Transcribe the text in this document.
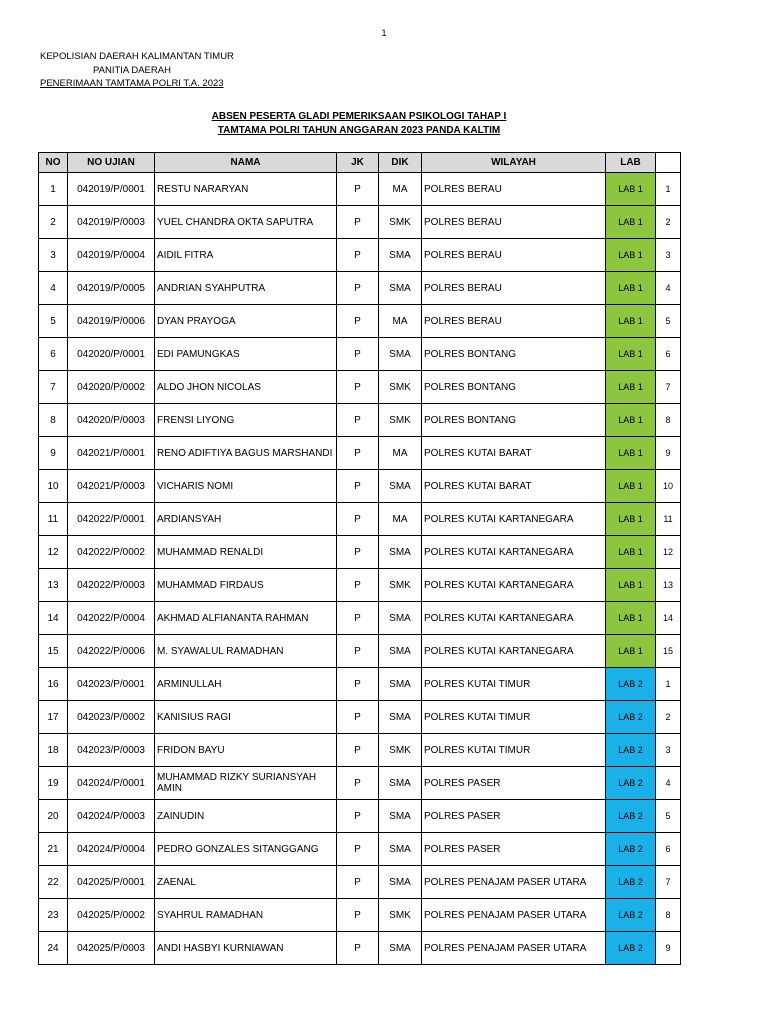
1
KEPOLISIAN DAERAH KALIMANTAN TIMUR
PANITIA DAERAH
PENERIMAAN TAMTAMA POLRI T.A. 2023
ABSEN PESERTA GLADI PEMERIKSAAN PSIKOLOGI TAHAP I
TAMTAMA POLRI TAHUN ANGGARAN 2023 PANDA KALTIM
NO	NO UJIAN	NAMA	JK	DIK	WILAYAH	LAB	
1	042019/P/0001	RESTU NARARYAN	P	MA	POLRES BERAU	LAB 1	1
2	042019/P/0003	YUEL CHANDRA OKTA SAPUTRA	P	SMK	POLRES BERAU	LAB 1	2
3	042019/P/0004	AIDIL FITRA	P	SMA	POLRES BERAU	LAB 1	3
4	042019/P/0005	ANDRIAN SYAHPUTRA	P	SMA	POLRES BERAU	LAB 1	4
5	042019/P/0006	DYAN PRAYOGA	P	MA	POLRES BERAU	LAB 1	5
6	042020/P/0001	EDI PAMUNGKAS	P	SMA	POLRES BONTANG	LAB 1	6
7	042020/P/0002	ALDO JHON NICOLAS	P	SMK	POLRES BONTANG	LAB 1	7
8	042020/P/0003	FRENSI LIYONG	P	SMK	POLRES BONTANG	LAB 1	8
9	042021/P/0001	RENO ADIFTIYA BAGUS MARSHANDI	P	MA	POLRES KUTAI BARAT	LAB 1	9
10	042021/P/0003	VICHARIS NOMI	P	SMA	POLRES KUTAI BARAT	LAB 1	10
11	042022/P/0001	ARDIANSYAH	P	MA	POLRES KUTAI KARTANEGARA	LAB 1	11
12	042022/P/0002	MUHAMMAD RENALDI	P	SMA	POLRES KUTAI KARTANEGARA	LAB 1	12
13	042022/P/0003	MUHAMMAD FIRDAUS	P	SMK	POLRES KUTAI KARTANEGARA	LAB 1	13
14	042022/P/0004	AKHMAD ALFIANANTA RAHMAN	P	SMA	POLRES KUTAI KARTANEGARA	LAB 1	14
15	042022/P/0006	M. SYAWALUL RAMADHAN	P	SMA	POLRES KUTAI KARTANEGARA	LAB 1	15
16	042023/P/0001	ARMINULLAH	P	SMA	POLRES KUTAI TIMUR	LAB 2	1
17	042023/P/0002	KANISIUS RAGI	P	SMA	POLRES KUTAI TIMUR	LAB 2	2
18	042023/P/0003	FRIDON BAYU	P	SMK	POLRES KUTAI TIMUR	LAB 2	3
19	042024/P/0001	MUHAMMAD RIZKY SURIANSYAH AMIN	P	SMA	POLRES PASER	LAB 2	4
20	042024/P/0003	ZAINUDIN	P	SMA	POLRES PASER	LAB 2	5
21	042024/P/0004	PEDRO GONZALES SITANGGANG	P	SMA	POLRES PASER	LAB 2	6
22	042025/P/0001	ZAENAL	P	SMA	POLRES PENAJAM PASER UTARA	LAB 2	7
23	042025/P/0002	SYAHRUL RAMADHAN	P	SMK	POLRES PENAJAM PASER UTARA	LAB 2	8
24	042025/P/0003	ANDI HASBYI KURNIAWAN	P	SMA	POLRES PENAJAM PASER UTARA	LAB 2	9
